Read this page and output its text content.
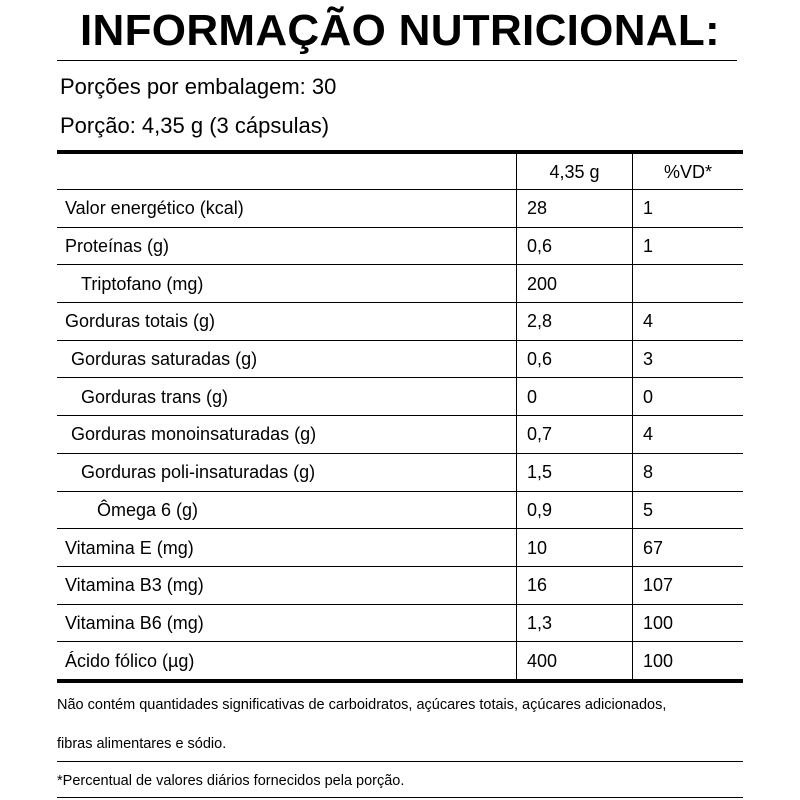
INFORMAÇÃO NUTRICIONAL:
Porções por embalagem: 30
Porção: 4,35 g (3 cápsulas)
	4,35 g	%VD*
Valor energético (kcal)	28	1
Proteínas (g)	0,6	1
Triptofano (mg)	200	
Gorduras totais (g)	2,8	4
Gorduras saturadas (g)	0,6	3
Gorduras trans (g)	0	0
Gorduras monoinsaturadas (g)	0,7	4
Gorduras poli-insaturadas (g)	1,5	8
Ômega 6 (g)	0,9	5
Vitamina E (mg)	10	67
Vitamina B3 (mg)	16	107
Vitamina B6 (mg)	1,3	100
Ácido fólico (µg)	400	100
Não contém quantidades significativas de carboidratos, açúcares totais, açúcares adicionados,
fibras alimentares e sódio.
*Percentual de valores diários fornecidos pela porção.
